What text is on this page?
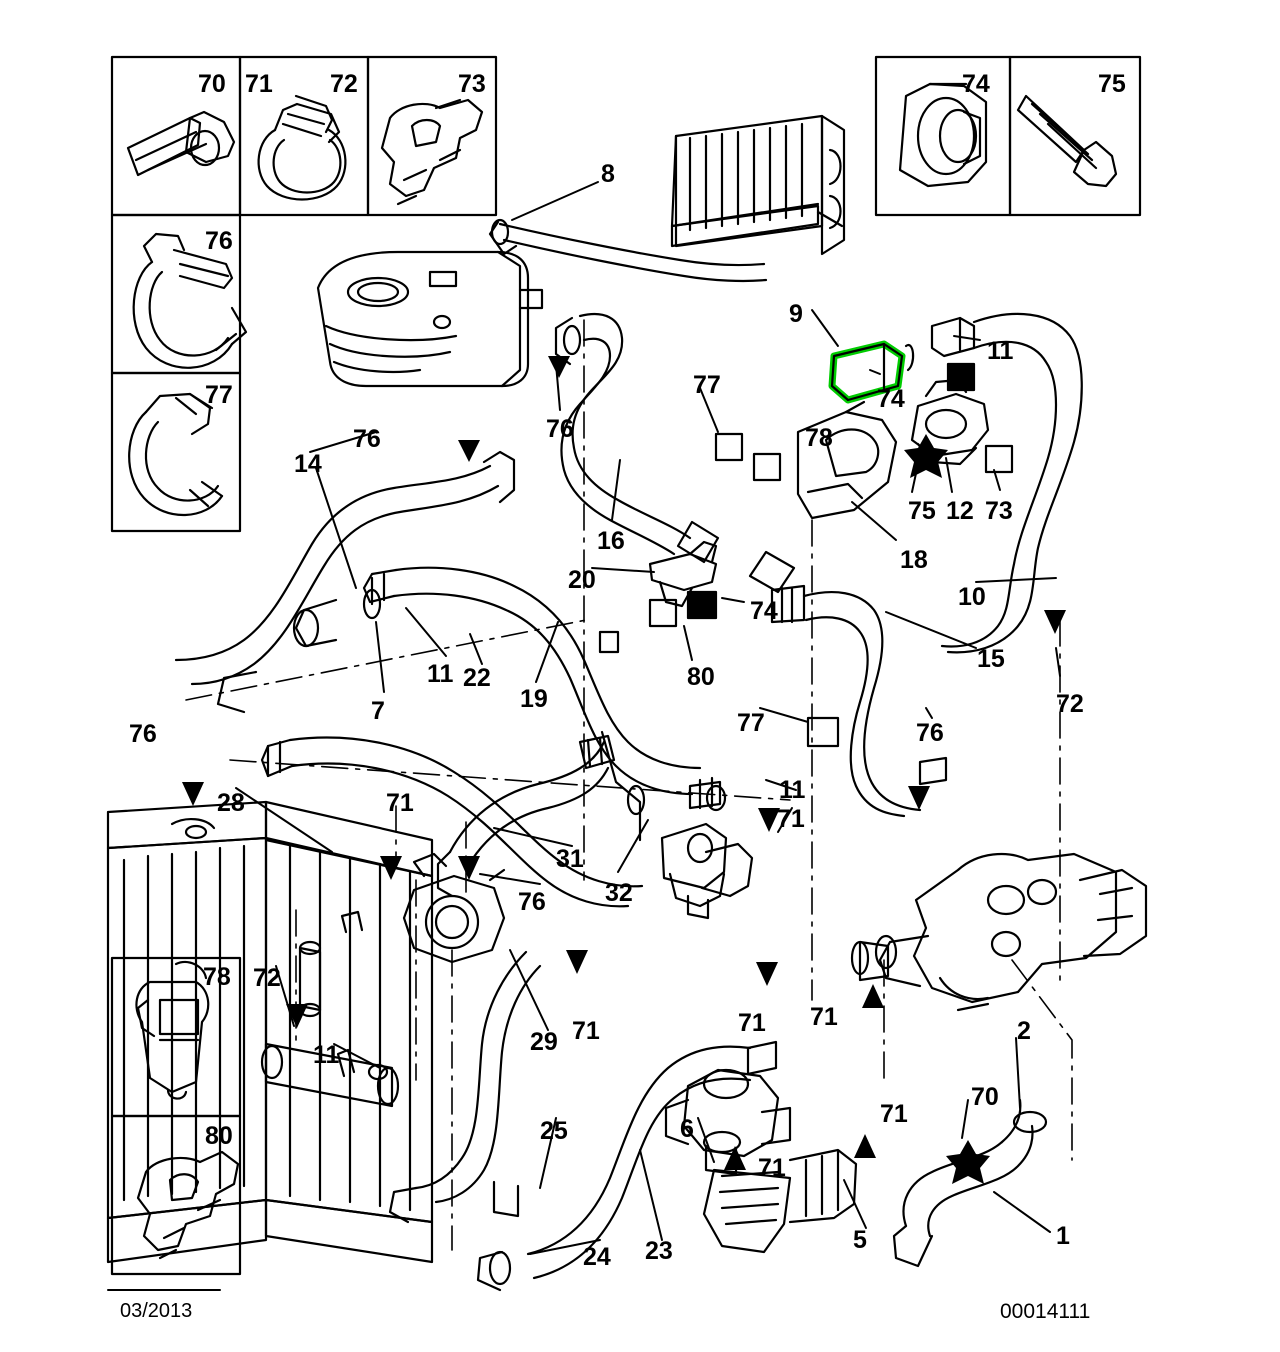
70 71 72	73	74	75
76
77
78
80
8
9
11
74
77
78
75 12 73
76	76
14
16
18
10
20
74
15
72
11 22
19
80
7	77	76
76
11
71
28	71
31
32
76
72
11	29 71	71 71	2
25
70
71
6
71
23
24
5	1
03/2013	00014111
